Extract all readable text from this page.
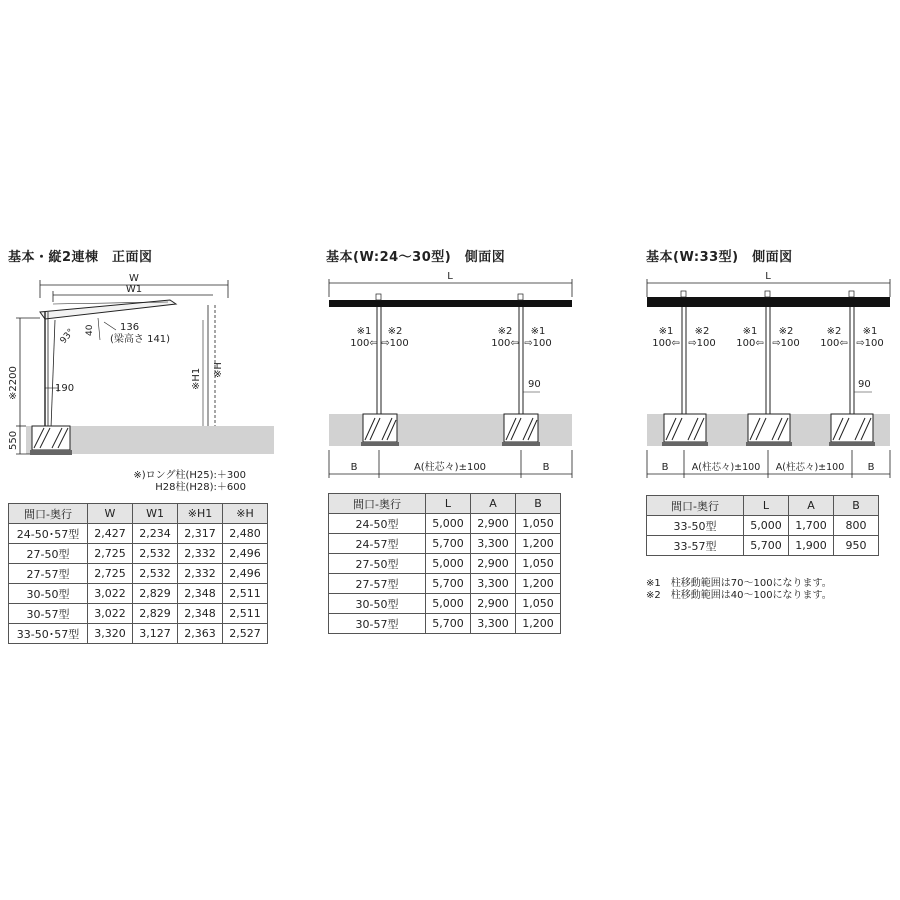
基本・縦2連棟　正面図
W
W1
93° 40	136
(梁高さ 141)
※2200	190
550
※H1 ※H
※)ロング柱(H25):＋300
H28柱(H28):＋600
間口-奥行	W	W1	※H1	※H
24-50･57型	2,427	2,234	2,317	2,480
27-50型	2,725	2,532	2,332	2,496
27-57型	2,725	2,532	2,332	2,496
30-50型	3,022	2,829	2,348	2,511
30-57型	3,022	2,829	2,348	2,511
33-50･57型	3,320	3,127	2,363	2,527
基本(W:24〜30型)　側面図
L
※1
100⇦
※2
⇨100
※2
100⇦
※1
⇨100
90
B	A(柱芯々)±100	B
間口-奥行	L	A	B
24-50型	5,000	2,900	1,050
24-57型	5,700	3,300	1,200
27-50型	5,000	2,900	1,050
27-57型	5,700	3,300	1,200
30-50型	5,000	2,900	1,050
30-57型	5,700	3,300	1,200
基本(W:33型)　側面図
L
※1
100⇦
※2
⇨100
※1
100⇦
※2
⇨100
※2
100⇦
※1
⇨100
90
B A(柱芯々)±100 A(柱芯々)±100 B
間口-奥行	L	A	B
33-50型	5,000	1,700	800
33-57型	5,700	1,900	950
※1　柱移動範囲は70〜100になります。
※2　柱移動範囲は40〜100になります。
